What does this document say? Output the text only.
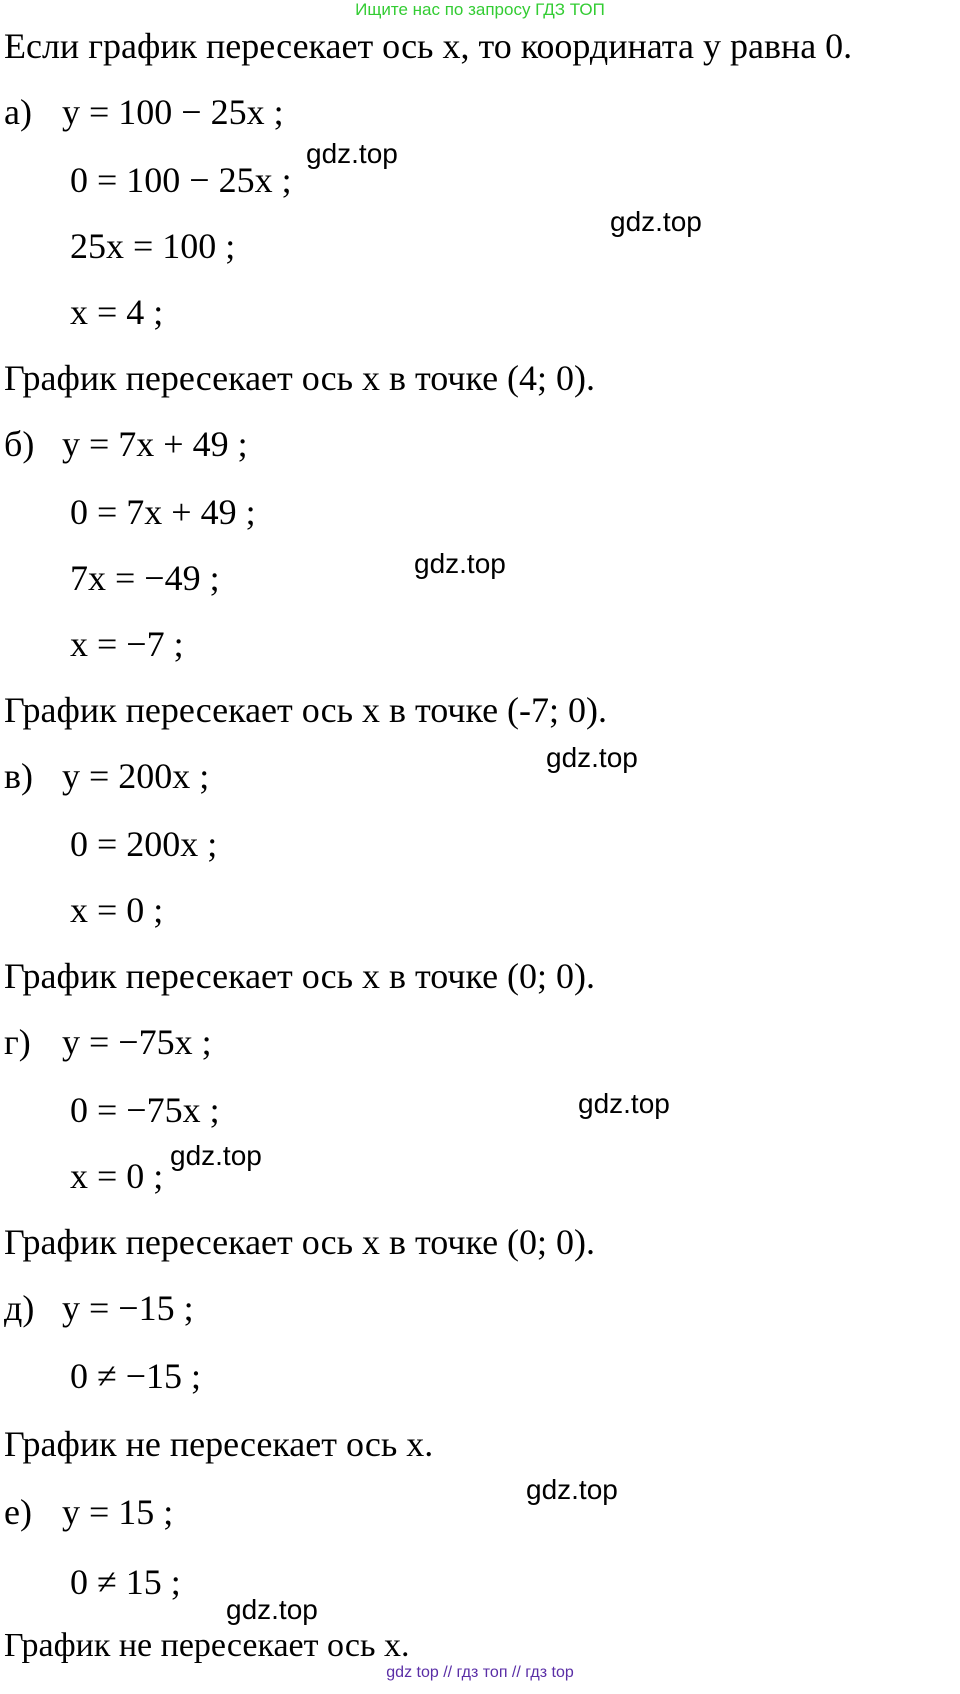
Ищите нас по запросу ГДЗ ТОП
Если график пересекает ось x, то координата y равна 0.
а) y = 100 − 25x ;
0 = 100 − 25x ;
25x = 100 ;
x = 4 ;
График пересекает ось x в точке (4; 0).
б) y = 7x + 49 ;
0 = 7x + 49 ;
7x = −49 ;
x = −7 ;
График пересекает ось x в точке (-7; 0).
в) y = 200x ;
0 = 200x ;
x = 0 ;
График пересекает ось x в точке (0; 0).
г) y = −75x ;
0 = −75x ;
x = 0 ;
График пересекает ось x в точке (0; 0).
д) y = −15 ;
0 ≠ −15 ;
График не пересекает ось x.
е) y = 15 ;
0 ≠ 15 ;
График не пересекает ось x.
gdz.top
gdz.top
gdz.top
gdz.top
gdz.top
gdz.top
gdz.top
gdz.top
gdz top // гдз топ // гдз top
